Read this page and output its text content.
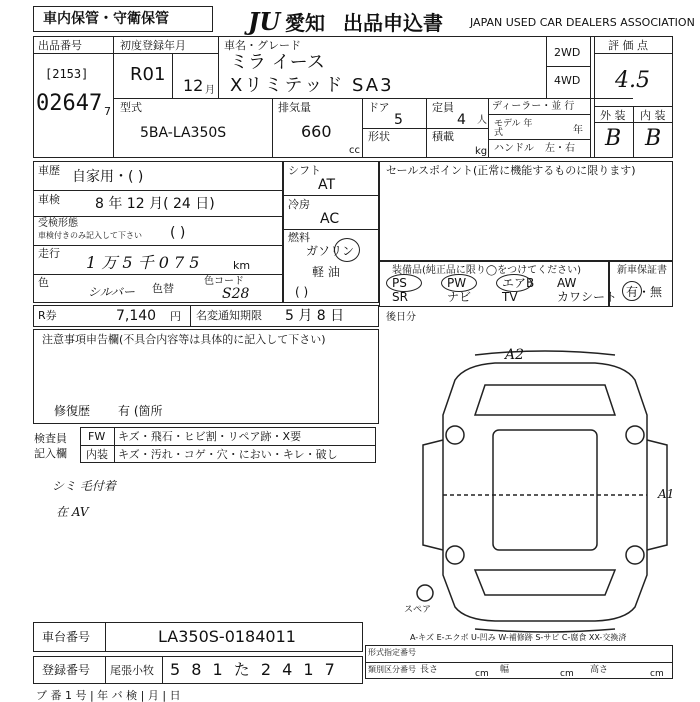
車内保管・守衛保管	JU 愛知 出品申込書 JAPAN USED CAR DEALERS ASSOCIATION
出品番号
[2153]
02647 7
初度登録年月
R01
12 月
車名・グレード
ミラ イース
Xリミテッド SA3
2WD
4WD
評 価 点
4.5
外 装 内 装
B B
型式
5BA-LA350S
排気量
660
cc
ドア
5
定員
4 人
形状	積載
kg
ディーラー・並 行
モデル 年式	年
ハンドル 左・右
車歴 自家用・( )
車検	8 年 12 月( 24 日)
受検形態
車検付きのみ記入して下さい ( )
走行 1 万 5 千 0 7 5	km
色
シルバー 色替
色コード
S28
シフト
AT
冷房
AC
燃料
ガソリン
軽 油
( )
セールスポイント(正常に機能するものに限ります)
装備品(純正品に限り◯をつけてください)
PS	PW	エアB AW
SR	ナビ	TV	カワシート
新車保証書
有・無
R券	7,140 円 名変通知期限 5 月 8 日	後日分
注意事項申告欄(不具合内容等は具体的に記入して下さい)
修復歴 有 (箇所
検査員
記入欄
FW キズ・飛石・ヒビ割・リペア跡・X要
内装 キズ・汚れ・コゲ・穴・におい・キレ・破し
シミ 毛付着
在 AV
A2
A1
スペア
A-キズ E-エクボ U-凹み W-補修跡 S-サビ C-腐食 XX-交換済
車台番号	LA350S-0184011
登録番号 尾張小牧 5 8 1 た 2 4 1 7
形式指定番号
類別区分番号 長さ	幅	高さ
cm	cm	cm
ブ 番 1 号 | 年 バ 検 | 月 | 日
